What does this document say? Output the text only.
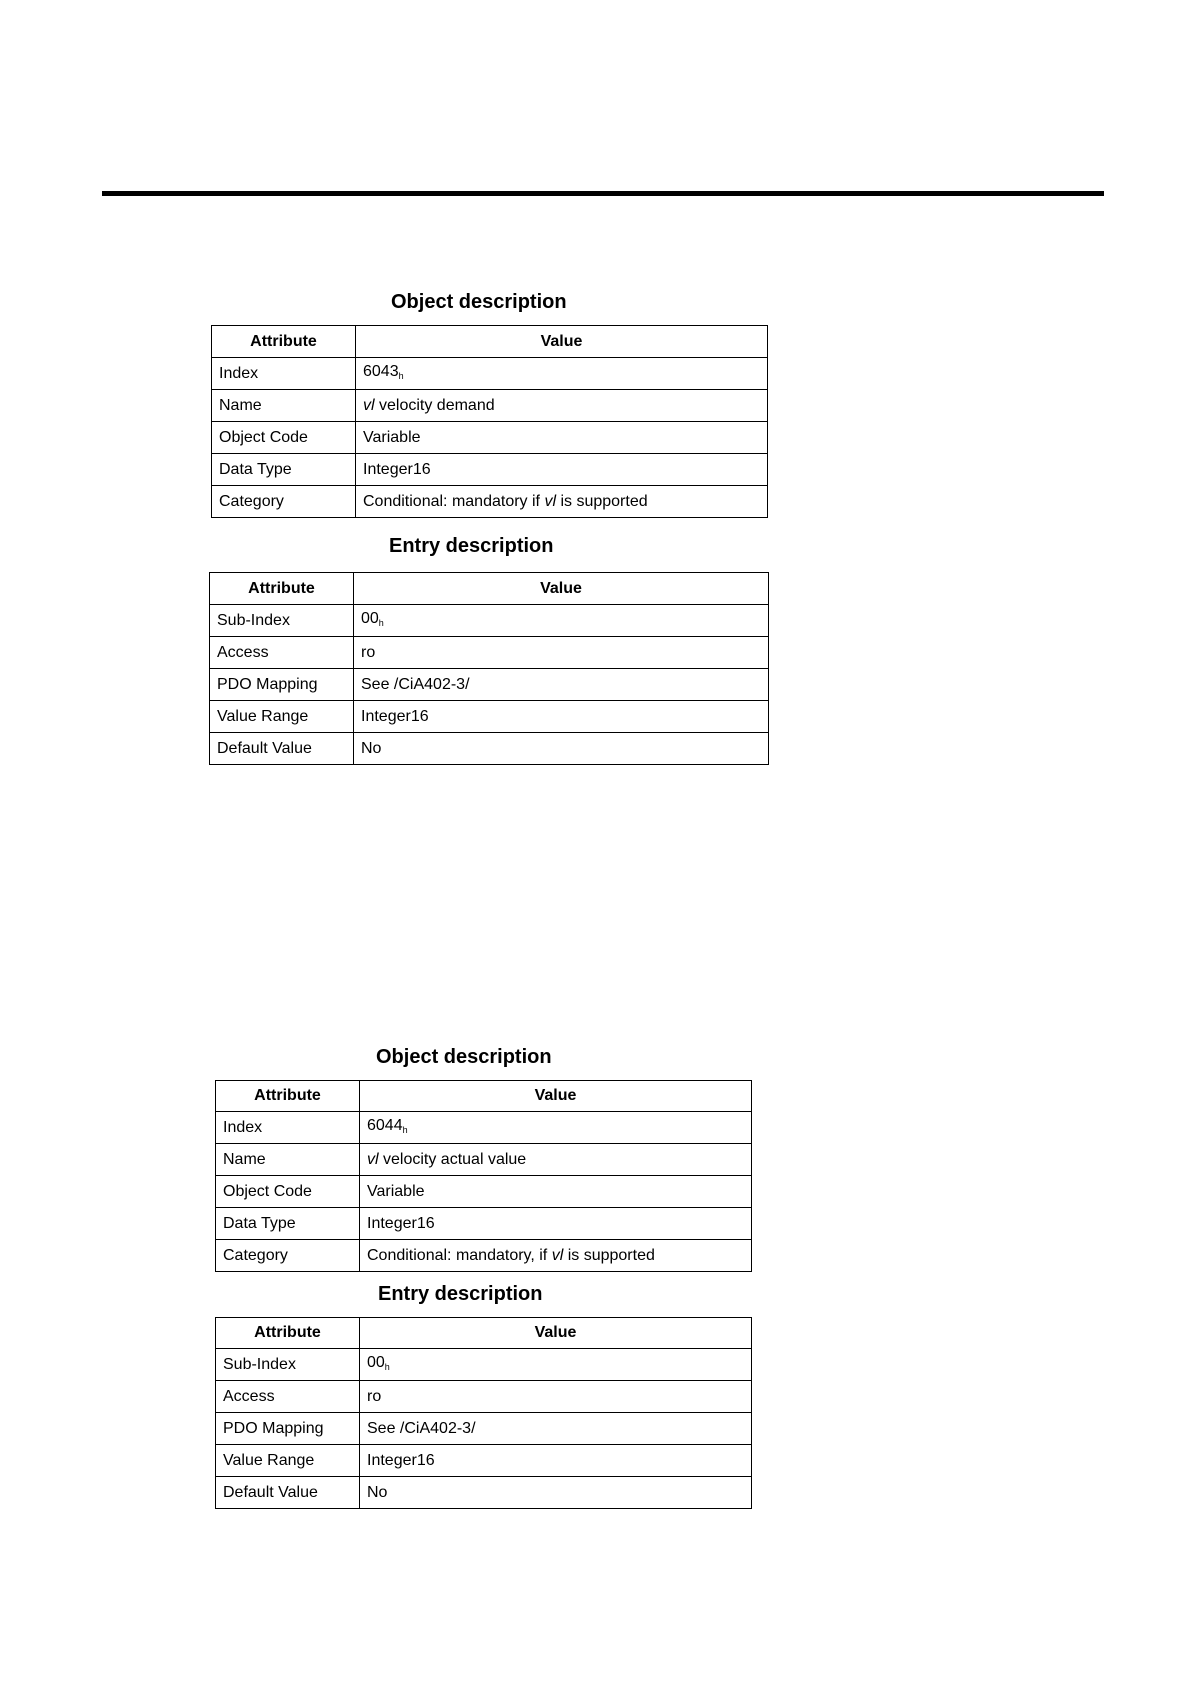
Object description
Attribute	Value
Index	$6043_h$
Name	vl velocity demand
Object Code	Variable
Data Type	Integer16
Category	Conditional: mandatory if vl is supported
Entry description
Attribute	Value
Sub-Index	$00_h$
Access	ro
PDO Mapping	See /CiA402-3/
Value Range	Integer16
Default Value	No
Object description
Attribute	Value
Index	$6044_h$
Name	vl velocity actual value
Object Code	Variable
Data Type	Integer16
Category	Conditional: mandatory, if vl is supported
Entry description
Attribute	Value
Sub-Index	$00_h$
Access	ro
PDO Mapping	See /CiA402-3/
Value Range	Integer16
Default Value	No
